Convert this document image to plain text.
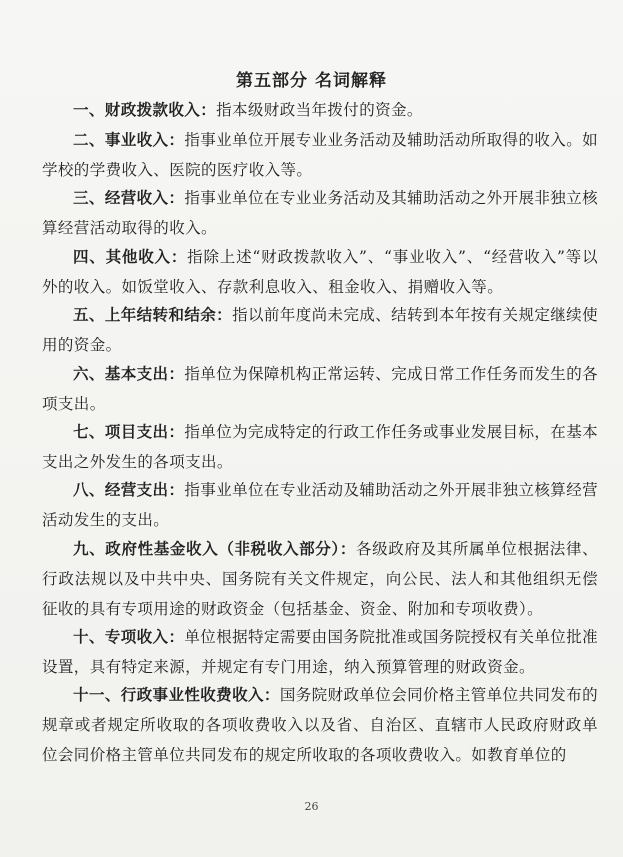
第五部分 名词解释

一、财政拨款收入：指本级财政当年拨付的资金。

二、事业收入：指事业单位开展专业业务活动及辅助活动所取得的收入。如学校的学费收入、医院的医疗收入等。

三、经营收入：指事业单位在专业业务活动及其辅助活动之外开展非独立核算经营活动取得的收入。

四、其他收入：指除上述“财政拨款收入”、“事业收入”、“经营收入”等以外的收入。如饭堂收入、存款利息收入、租金收入、捐赠收入等。

五、上年结转和结余：指以前年度尚未完成、结转到本年按有关规定继续使用的资金。

六、基本支出：指单位为保障机构正常运转、完成日常工作任务而发生的各项支出。

七、项目支出：指单位为完成特定的行政工作任务或事业发展目标，在基本支出之外发生的各项支出。

八、经营支出：指事业单位在专业活动及辅助活动之外开展非独立核算经营活动发生的支出。

九、政府性基金收入（非税收入部分）：各级政府及其所属单位根据法律、行政法规以及中共中央、国务院有关文件规定，向公民、法人和其他组织无偿征收的具有专项用途的财政资金（包括基金、资金、附加和专项收费）。

十、专项收入：单位根据特定需要由国务院批准或国务院授权有关单位批准设置，具有特定来源，并规定有专门用途，纳入预算管理的财政资金。

十一、行政事业性收费收入：国务院财政单位会同价格主管单位共同发布的规章或者规定所收取的各项收费收入以及省、自治区、直辖市人民政府财政单位会同价格主管单位共同发布的规定所收取的各项收费收入。如教育单位的

26
